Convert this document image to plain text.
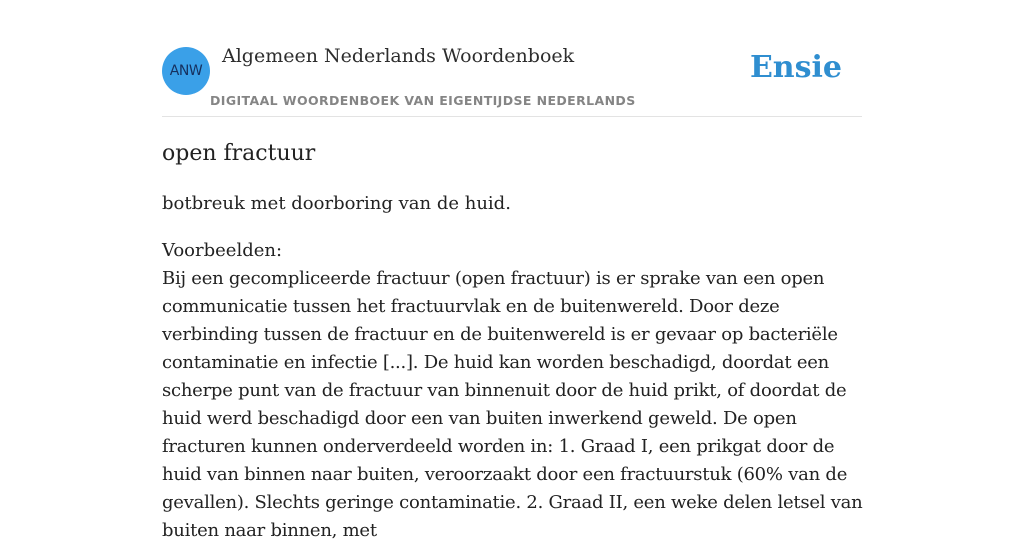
ANW
Algemeen Nederlands Woordenboek
DIGITAAL WOORDENBOEK VAN EIGENTIJDSE NEDERLANDS
Ensie
open fractuur

botbreuk met doorboring van de huid.

Voorbeelden:
Bij een gecompliceerde fractuur (open fractuur) is er sprake van een open communicatie tussen het fractuurvlak en de buitenwereld. Door deze verbinding tussen de fractuur en de buitenwereld is er gevaar op bacteriële contaminatie en infectie [...]. De huid kan worden beschadigd, doordat een scherpe punt van de fractuur van binnenuit door de huid prikt, of doordat de huid werd beschadigd door een van buiten inwerkend geweld. De open fracturen kunnen onderverdeeld worden in: 1. Graad I, een prikgat door de huid van binnen naar buiten, veroorzaakt door een fractuurstuk (60% van de gevallen). Slechts geringe contaminatie. 2. Graad II, een weke delen letsel van buiten naar binnen, met
